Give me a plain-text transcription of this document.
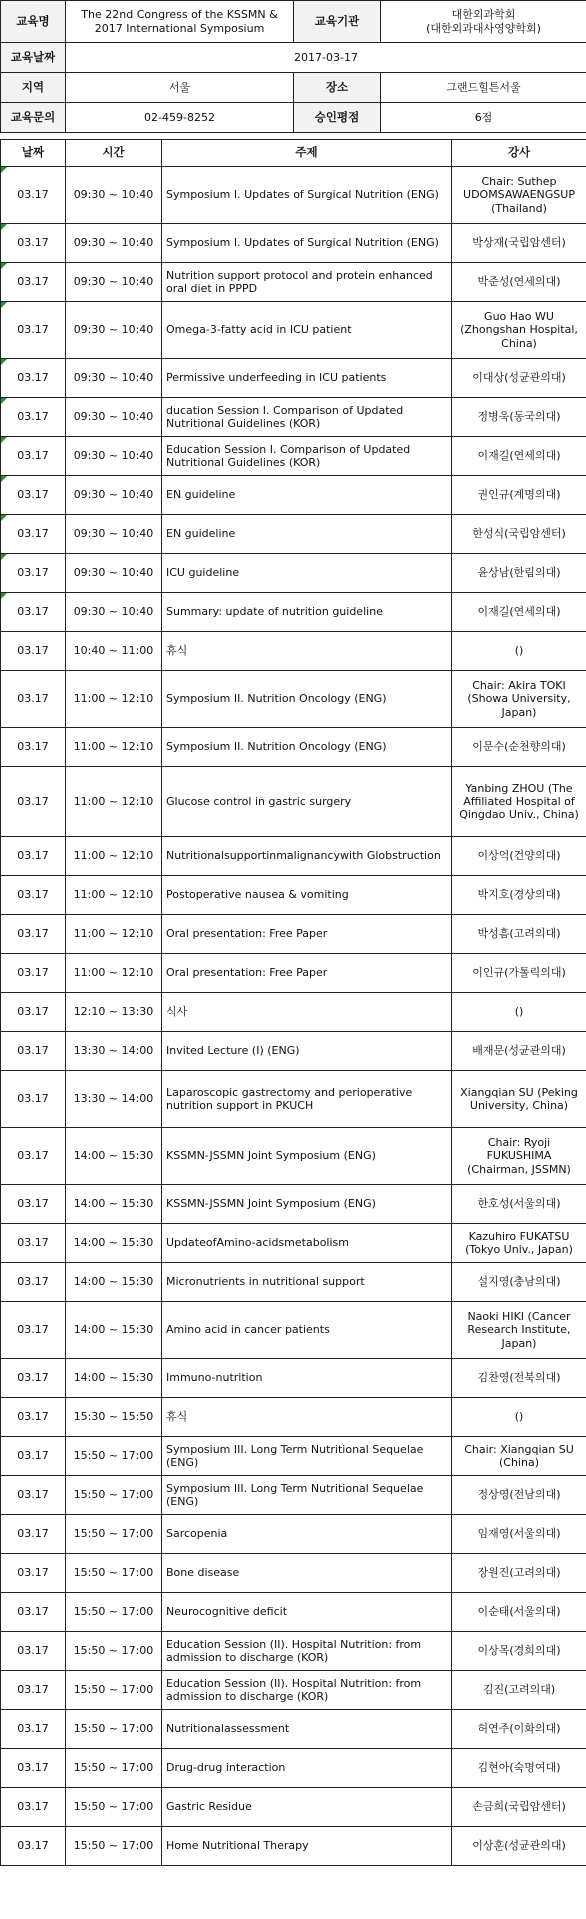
교육명	The 22nd Congress of the KSSMN & 2017 International Symposium	교육기관	대한외과학회
(대한외과대사영양학회)
교육날짜	2017-03-17		
지역	서울	장소	그랜드힐튼서울
교육문의	02-459-8252	승인평점	6점
날짜	시간	주제	강사
03.17	09:30 ~ 10:40	Symposium I. Updates of Surgical Nutrition (ENG)	Chair: Suthep UDOMSAWAENGSUP (Thailand)
03.17	09:30 ~ 10:40	Symposium I. Updates of Surgical Nutrition (ENG)	박상재(국립암센터)
03.17	09:30 ~ 10:40	Nutrition support protocol and protein enhanced oral diet in PPPD	박준성(연세의대)
03.17	09:30 ~ 10:40	Omega-3-fatty acid in ICU patient	Guo Hao WU (Zhongshan Hospital, China)
03.17	09:30 ~ 10:40	Permissive underfeeding in ICU patients	이대상(성균관의대)
03.17	09:30 ~ 10:40	ducation Session I. Comparison of Updated Nutritional Guidelines (KOR)	정병욱(동국의대)
03.17	09:30 ~ 10:40	Education Session I. Comparison of Updated Nutritional Guidelines (KOR)	이재길(연세의대)
03.17	09:30 ~ 10:40	EN guideline	권인규(계명의대)
03.17	09:30 ~ 10:40	EN guideline	한성식(국립암센터)
03.17	09:30 ~ 10:40	ICU guideline	윤상남(한림의대)
03.17	09:30 ~ 10:40	Summary: update of nutrition guideline	이재길(연세의대)
03.17	10:40 ~ 11:00	휴식	()
03.17	11:00 ~ 12:10	Symposium II. Nutrition Oncology (ENG)	Chair: Akira TOKI (Showa University, Japan)
03.17	11:00 ~ 12:10	Symposium II. Nutrition Oncology (ENG)	이문수(순천향의대)
03.17	11:00 ~ 12:10	Glucose control in gastric surgery	Yanbing ZHOU (The Affiliated Hospital of Qingdao Univ., China)
03.17	11:00 ~ 12:10	Nutritionalsupportinmalignancywith Globstruction	이상억(건양의대)
03.17	11:00 ~ 12:10	Postoperative nausea & vomiting	박지호(경상의대)
03.17	11:00 ~ 12:10	Oral presentation: Free Paper	박성흠(고려의대)
03.17	11:00 ~ 12:10	Oral presentation: Free Paper	이인규(가톨릭의대)
03.17	12:10 ~ 13:30	식사	()
03.17	13:30 ~ 14:00	Invited Lecture (I) (ENG)	배재문(성균관의대)
03.17	13:30 ~ 14:00	Laparoscopic gastrectomy and perioperative nutrition support in PKUCH	Xiangqian SU (Peking University, China)
03.17	14:00 ~ 15:30	KSSMN-JSSMN Joint Symposium (ENG)	Chair: Ryoji FUKUSHIMA (Chairman, JSSMN)
03.17	14:00 ~ 15:30	KSSMN-JSSMN Joint Symposium (ENG)	한호성(서울의대)
03.17	14:00 ~ 15:30	UpdateofAmino-acidsmetabolism	Kazuhiro FUKATSU (Tokyo Univ., Japan)
03.17	14:00 ~ 15:30	Micronutrients in nutritional support	설지영(충남의대)
03.17	14:00 ~ 15:30	Amino acid in cancer patients	Naoki HIKI (Cancer Research Institute, Japan)
03.17	14:00 ~ 15:30	Immuno-nutrition	김찬영(전북의대)
03.17	15:30 ~ 15:50	휴식	()
03.17	15:50 ~ 17:00	Symposium III. Long Term Nutritional Sequelae (ENG)	Chair: Xiangqian SU (China)
03.17	15:50 ~ 17:00	Symposium III. Long Term Nutritional Sequelae (ENG)	정상영(전남의대)
03.17	15:50 ~ 17:00	Sarcopenia	임재영(서울의대)
03.17	15:50 ~ 17:00	Bone disease	장원진(고려의대)
03.17	15:50 ~ 17:00	Neurocognitive deficit	이순태(서울의대)
03.17	15:50 ~ 17:00	Education Session (II). Hospital Nutrition: from admission to discharge (KOR)	이상목(경희의대)
03.17	15:50 ~ 17:00	Education Session (II). Hospital Nutrition: from admission to discharge (KOR)	김진(고려의대)
03.17	15:50 ~ 17:00	Nutritionalassessment	허연주(이화의대)
03.17	15:50 ~ 17:00	Drug-drug interaction	김현아(숙명여대)
03.17	15:50 ~ 17:00	Gastric Residue	손금희(국립암센터)
03.17	15:50 ~ 17:00	Home Nutritional Therapy	이상훈(성균관의대)
